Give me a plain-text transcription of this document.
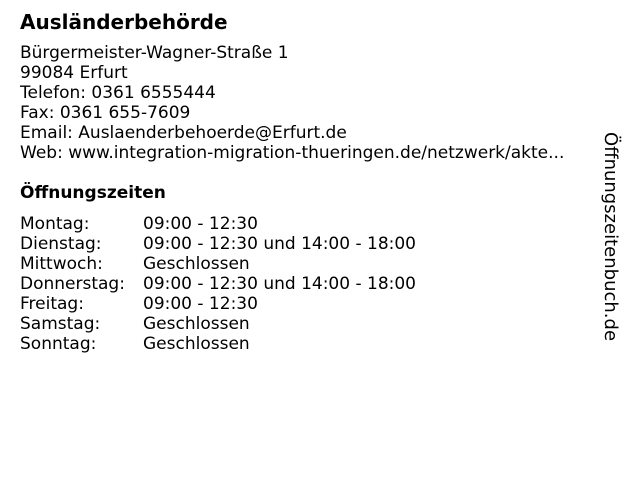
Ausländerbehörde
Bürgermeister-Wagner-Straße 1
99084 Erfurt
Telefon: 0361 6555444
Fax: 0361 655-7609
Email: Auslaenderbehoerde@Erfurt.de
Web: www.integration-migration-thueringen.de/netzwerk/akte...
Öffnungszeiten
Montag:	09:00 - 12:30
Dienstag:	09:00 - 12:30 und 14:00 - 18:00
Mittwoch:	Geschlossen
Donnerstag:	09:00 - 12:30 und 14:00 - 18:00
Freitag:	09:00 - 12:30
Samstag:	Geschlossen
Sonntag:	Geschlossen
Öffnungszeitenbuch.de
